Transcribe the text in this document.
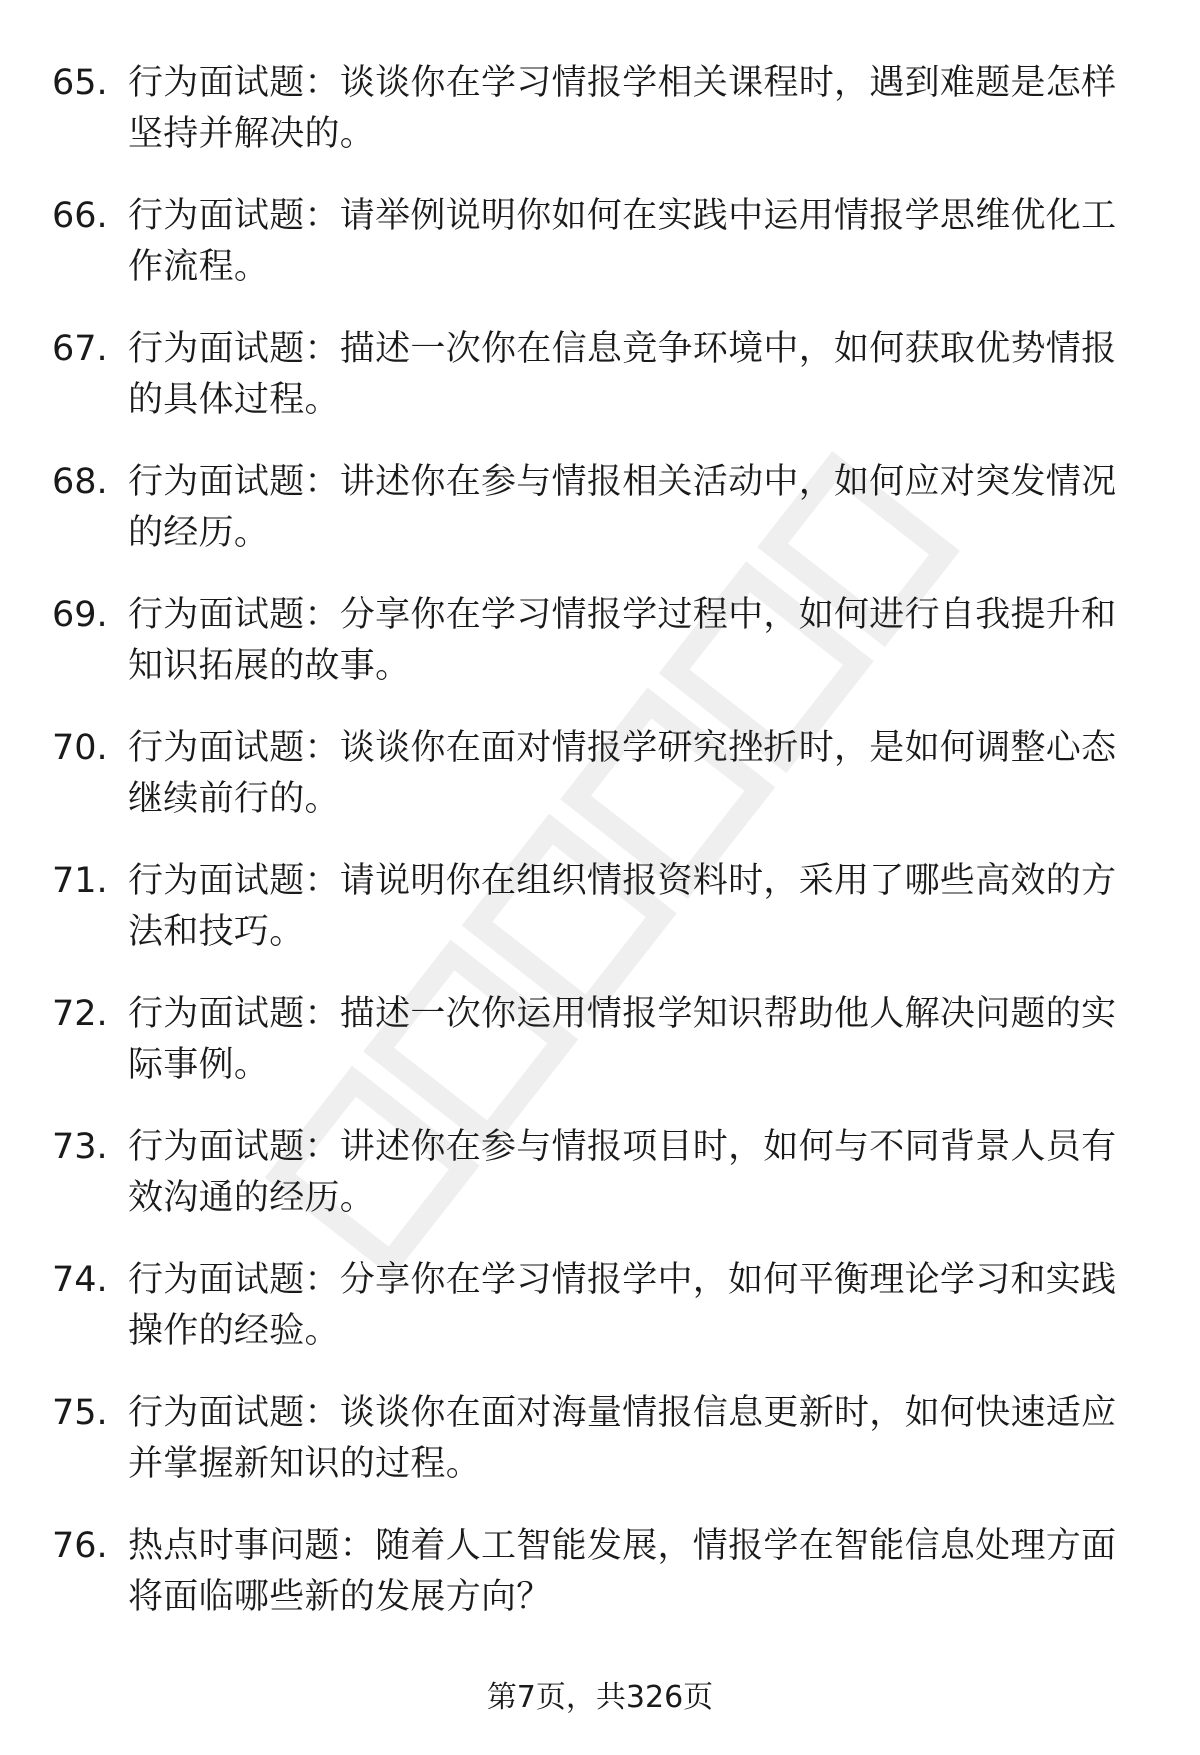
65. 行为面试题：谈谈你在学习情报学相关课程时，遇到难题是怎样坚持并解决的。
66. 行为面试题：请举例说明你如何在实践中运用情报学思维优化工作流程。
67. 行为面试题：描述一次你在信息竞争环境中，如何获取优势情报的具体过程。
68. 行为面试题：讲述你在参与情报相关活动中，如何应对突发情况的经历。
69. 行为面试题：分享你在学习情报学过程中，如何进行自我提升和知识拓展的故事。
70. 行为面试题：谈谈你在面对情报学研究挫折时，是如何调整心态继续前行的。
71. 行为面试题：请说明你在组织情报资料时，采用了哪些高效的方法和技巧。
72. 行为面试题：描述一次你运用情报学知识帮助他人解决问题的实际事例。
73. 行为面试题：讲述你在参与情报项目时，如何与不同背景人员有效沟通的经历。
74. 行为面试题：分享你在学习情报学中，如何平衡理论学习和实践操作的经验。
75. 行为面试题：谈谈你在面对海量情报信息更新时，如何快速适应并掌握新知识的过程。
76. 热点时事问题：随着人工智能发展，情报学在智能信息处理方面将面临哪些新的发展方向？
第7页，共326页
